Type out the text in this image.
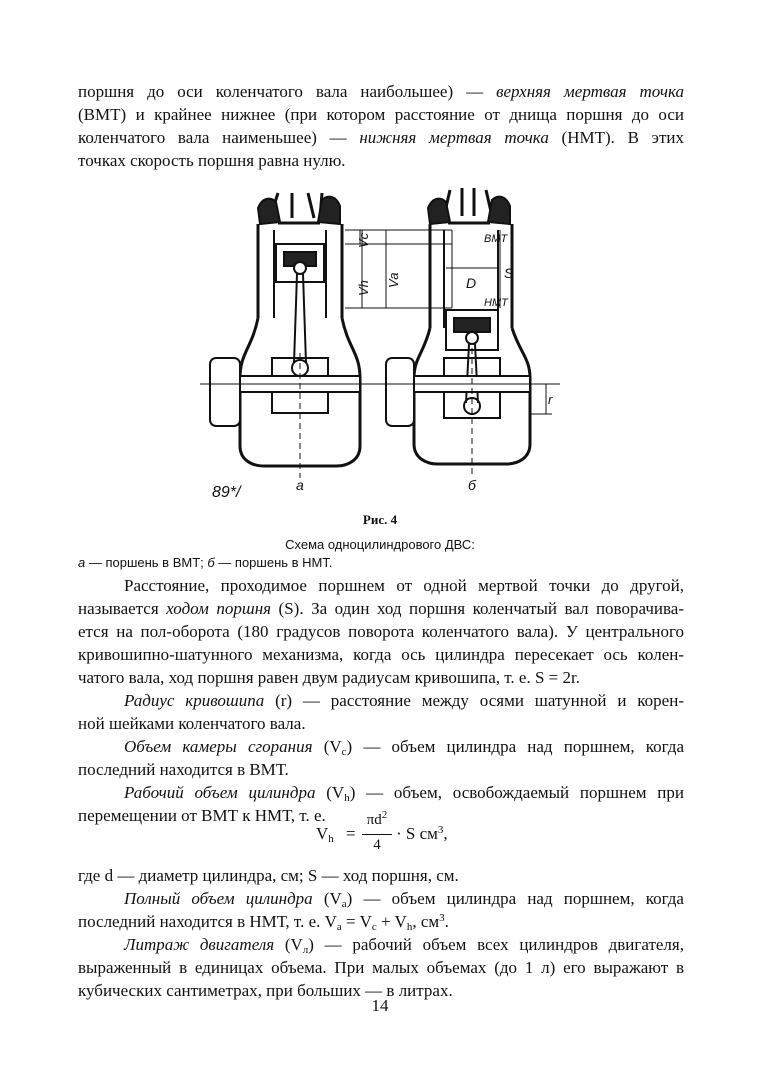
поршня до оси коленчатого вала наибольшее) — верхняя мертвая точка
(ВМТ) и крайнее нижнее (при котором расстояние от днища поршня до оси
коленчатого вала наименьшее) — нижняя мертвая точка (НМТ). В этих
точках скорость поршня равна нулю.
Vc
Vh Va
ВМТ
НМТ
S
D
r
а	б
89*/
Рис. 4
Схема одноцилиндрового ДВС:
а — поршень в ВМТ; б — поршень в НМТ.
Расстояние, проходимое поршнем от одной мертвой точки до другой,
называется ходом поршня (S). За один ход поршня коленчатый вал поворачива-
ется на пол-оборота (180 градусов поворота коленчатого вала). У центрального
кривошипно-шатунного механизма, когда ось цилиндра пересекает ось колен-
чатого вала, ход поршня равен двум радиусам кривошипа, т. е. S = 2r.
Радиус кривошипа (r) — расстояние между осями шатунной и корен-
ной шейками коленчатого вала.
Объем камеры сгорания $(V_c)$ — объем цилиндра над поршнем, когда
последний находится в ВМТ.
Рабочий объем цилиндра $(V_h)$ — объем, освобождаемый поршнем при
перемещении от ВМТ к НМТ, т. е.
$V_h$ =
$\pi d^2$
4
· S $см^3$,
где d — диаметр цилиндра, см; S — ход поршня, см.
Полный объем цилиндра $(V_a)$ — объем цилиндра над поршнем, когда
последний находится в НМТ, т. е. $V_a = V_c + V_h$, $см^3$.
Литраж двигателя $(V_л)$ — рабочий объем всех цилиндров двигателя,
выраженный в единицах объема. При малых объемах (до 1 л) его выражают в
кубических сантиметрах, при больших — в литрах.
14
